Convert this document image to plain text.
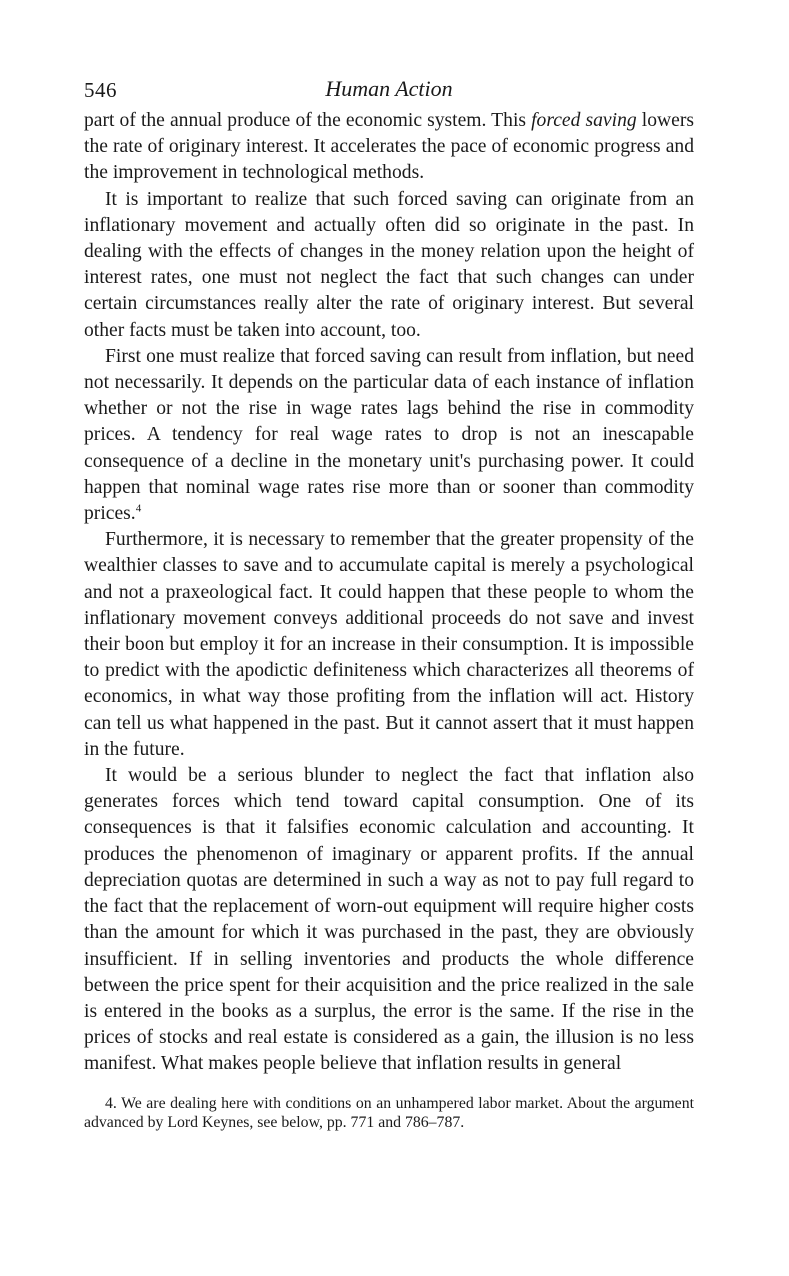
546	Human Action

part of the annual produce of the economic system. This forced saving lowers the rate of originary interest. It accelerates the pace of economic progress and the improvement in technological methods.

It is important to realize that such forced saving can originate from an inflationary movement and actually often did so originate in the past. In dealing with the effects of changes in the money relation upon the height of interest rates, one must not neglect the fact that such changes can under certain circumstances really alter the rate of originary interest. But several other facts must be taken into account, too.

First one must realize that forced saving can result from inflation, but need not necessarily. It depends on the particular data of each instance of inflation whether or not the rise in wage rates lags behind the rise in commodity prices. A tendency for real wage rates to drop is not an inescapable consequence of a decline in the monetary unit's purchasing power. It could happen that nominal wage rates rise more than or sooner than commodity prices.$^4$

Furthermore, it is necessary to remember that the greater propensity of the wealthier classes to save and to accumulate capital is merely a psychological and not a praxeological fact. It could happen that these people to whom the inflationary movement conveys additional proceeds do not save and invest their boon but employ it for an increase in their consumption. It is impossible to predict with the apodictic definiteness which characterizes all theorems of economics, in what way those profiting from the inflation will act. History can tell us what happened in the past. But it cannot assert that it must happen in the future.

It would be a serious blunder to neglect the fact that inflation also generates forces which tend toward capital consumption. One of its consequences is that it falsifies economic calculation and accounting. It produces the phenomenon of imaginary or apparent profits. If the annual depreciation quotas are determined in such a way as not to pay full regard to the fact that the replacement of worn-out equipment will require higher costs than the amount for which it was purchased in the past, they are obviously insufficient. If in selling inventories and products the whole difference between the price spent for their acquisition and the price realized in the sale is entered in the books as a surplus, the error is the same. If the rise in the prices of stocks and real estate is considered as a gain, the illusion is no less manifest. What makes people believe that inflation results in general

4. We are dealing here with conditions on an unhampered labor market. About the argument advanced by Lord Keynes, see below, pp. 771 and 786–787.
